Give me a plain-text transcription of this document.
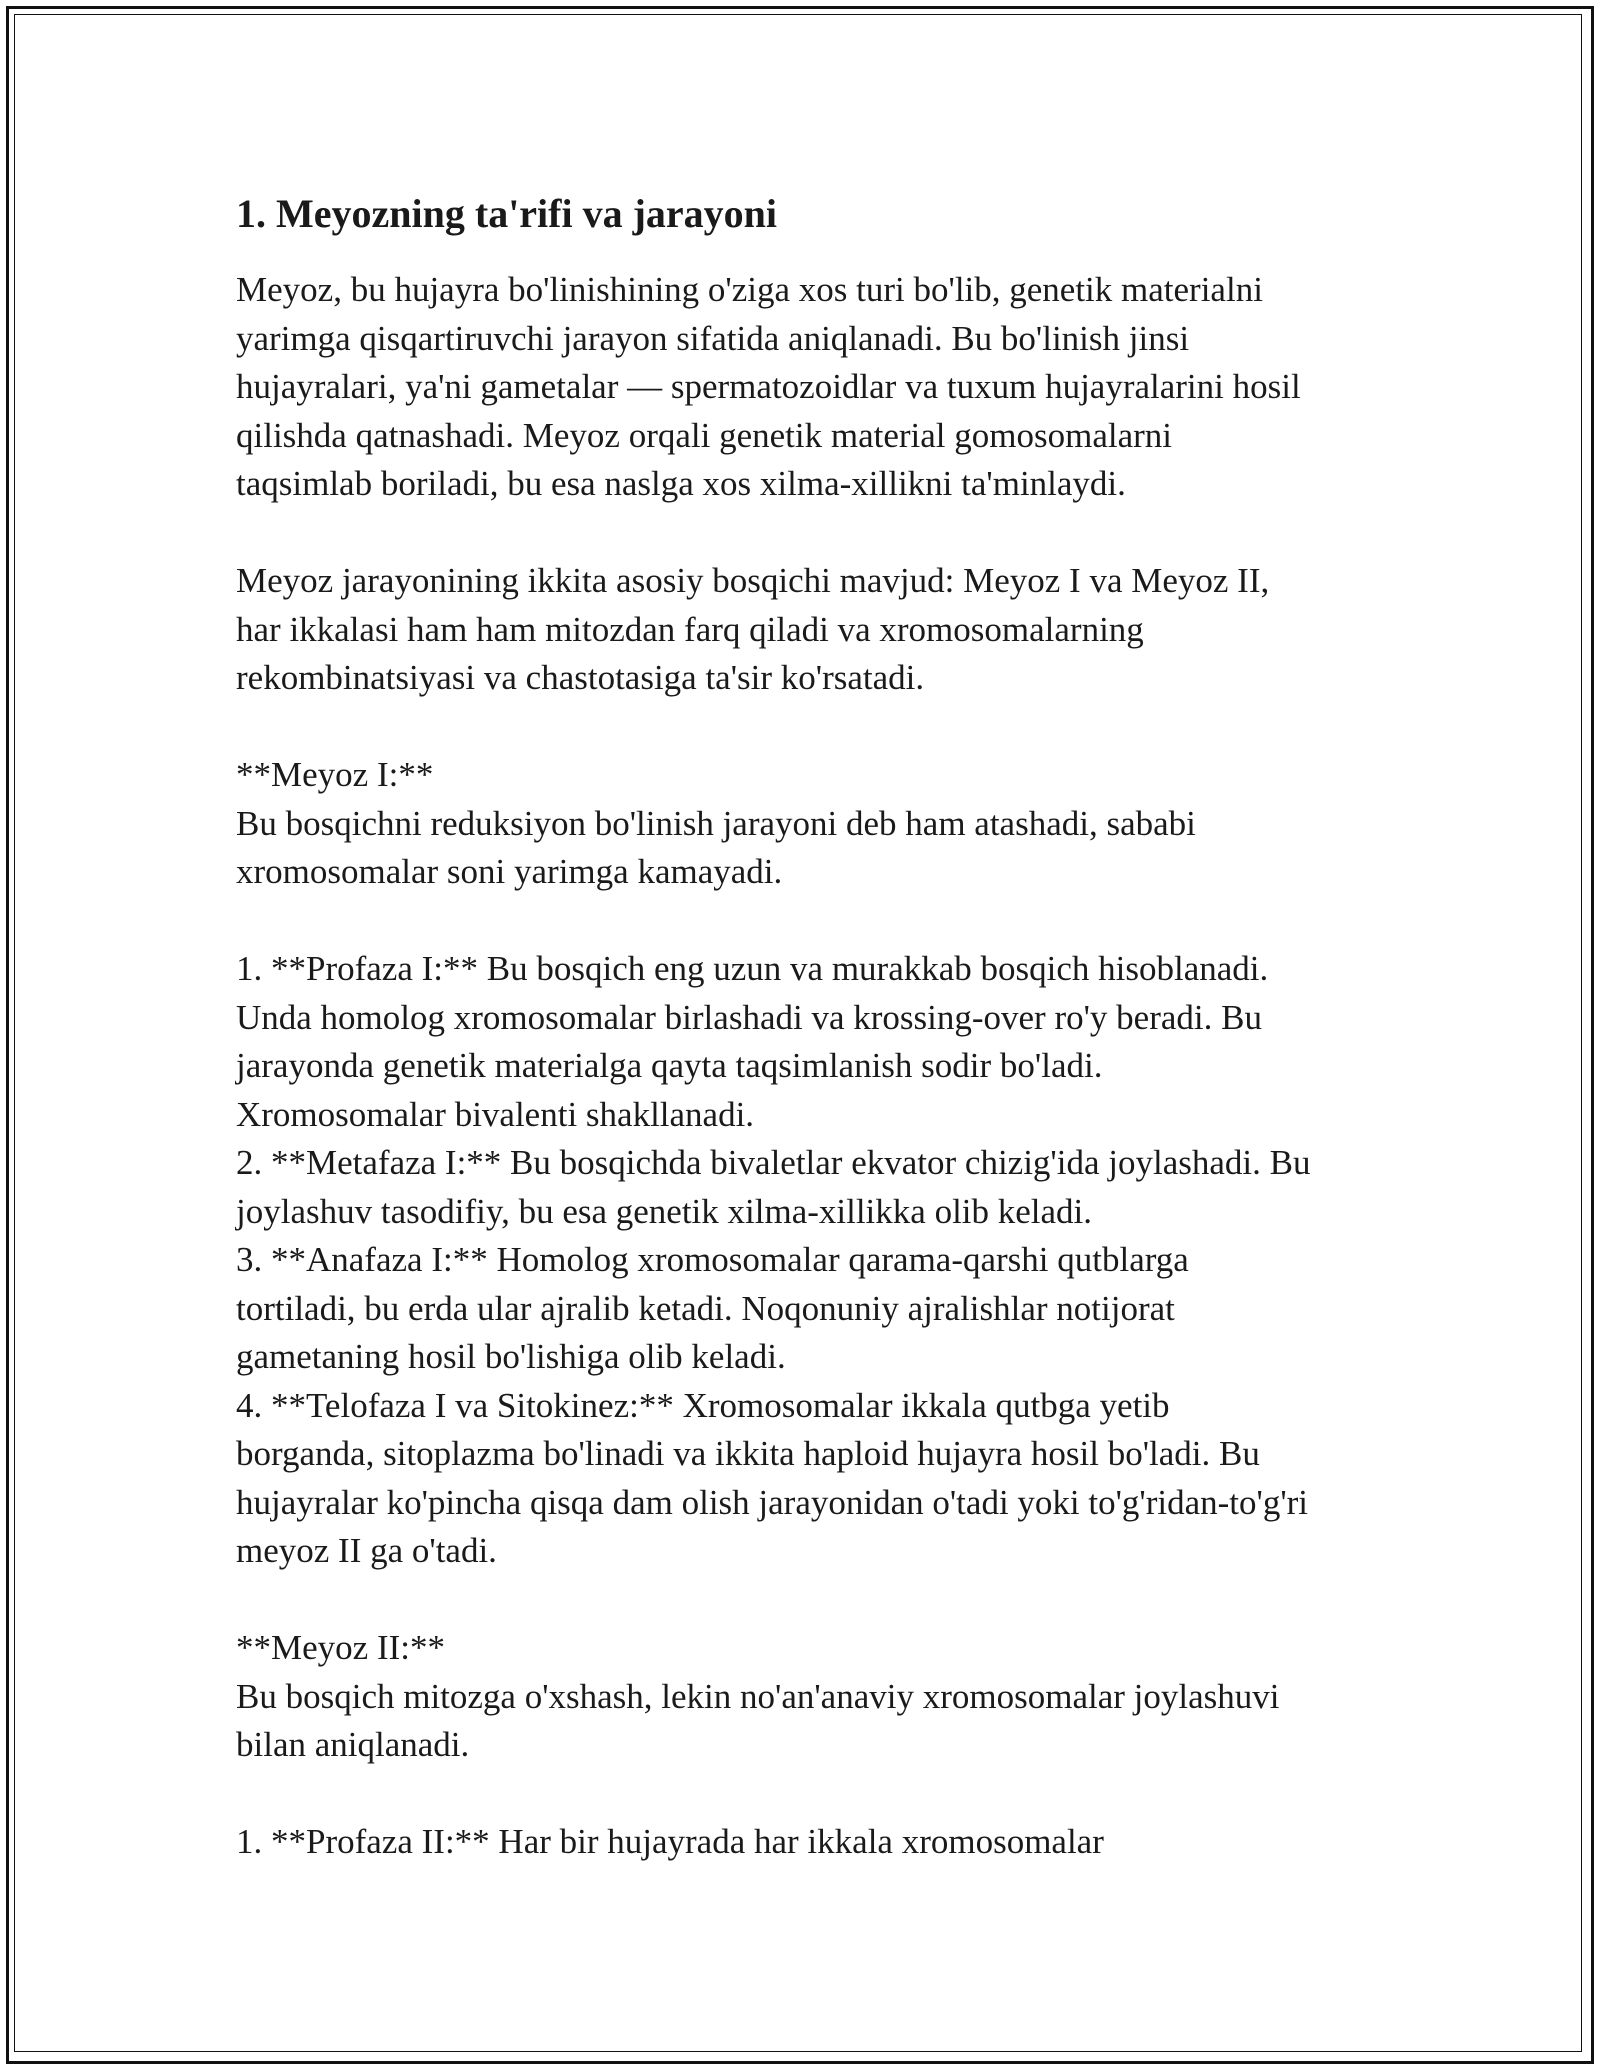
1. Meyozning ta'rifi va jarayoni
Meyoz, bu hujayra bo'linishining o'ziga xos turi bo'lib, genetik materialni
yarimga qisqartiruvchi jarayon sifatida aniqlanadi. Bu bo'linish jinsi
hujayralari, ya'ni gametalar — spermatozoidlar va tuxum hujayralarini hosil
qilishda qatnashadi. Meyoz orqali genetik material gomosomalarni
taqsimlab boriladi, bu esa naslga xos xilma-xillikni ta'minlaydi.
Meyoz jarayonining ikkita asosiy bosqichi mavjud: Meyoz I va Meyoz II,
har ikkalasi ham ham mitozdan farq qiladi va xromosomalarning
rekombinatsiyasi va chastotasiga ta'sir ko'rsatadi.
**Meyoz I:**
Bu bosqichni reduksiyon bo'linish jarayoni deb ham atashadi, sababi
xromosomalar soni yarimga kamayadi.
1. **Profaza I:** Bu bosqich eng uzun va murakkab bosqich hisoblanadi.
Unda homolog xromosomalar birlashadi va krossing-over ro'y beradi. Bu
jarayonda genetik materialga qayta taqsimlanish sodir bo'ladi.
Xromosomalar bivalenti shakllanadi.
2. **Metafaza I:** Bu bosqichda bivaletlar ekvator chizig'ida joylashadi. Bu
joylashuv tasodifiy, bu esa genetik xilma-xillikka olib keladi.
3. **Anafaza I:** Homolog xromosomalar qarama-qarshi qutblarga
tortiladi, bu erda ular ajralib ketadi. Noqonuniy ajralishlar notijorat
gametaning hosil bo'lishiga olib keladi.
4. **Telofaza I va Sitokinez:** Xromosomalar ikkala qutbga yetib
borganda, sitoplazma bo'linadi va ikkita haploid hujayra hosil bo'ladi. Bu
hujayralar ko'pincha qisqa dam olish jarayonidan o'tadi yoki to'g'ridan-to'g'ri
meyoz II ga o'tadi.
**Meyoz II:**
Bu bosqich mitozga o'xshash, lekin no'an'anaviy xromosomalar joylashuvi
bilan aniqlanadi.
1. **Profaza II:** Har bir hujayrada har ikkala xromosomalar
